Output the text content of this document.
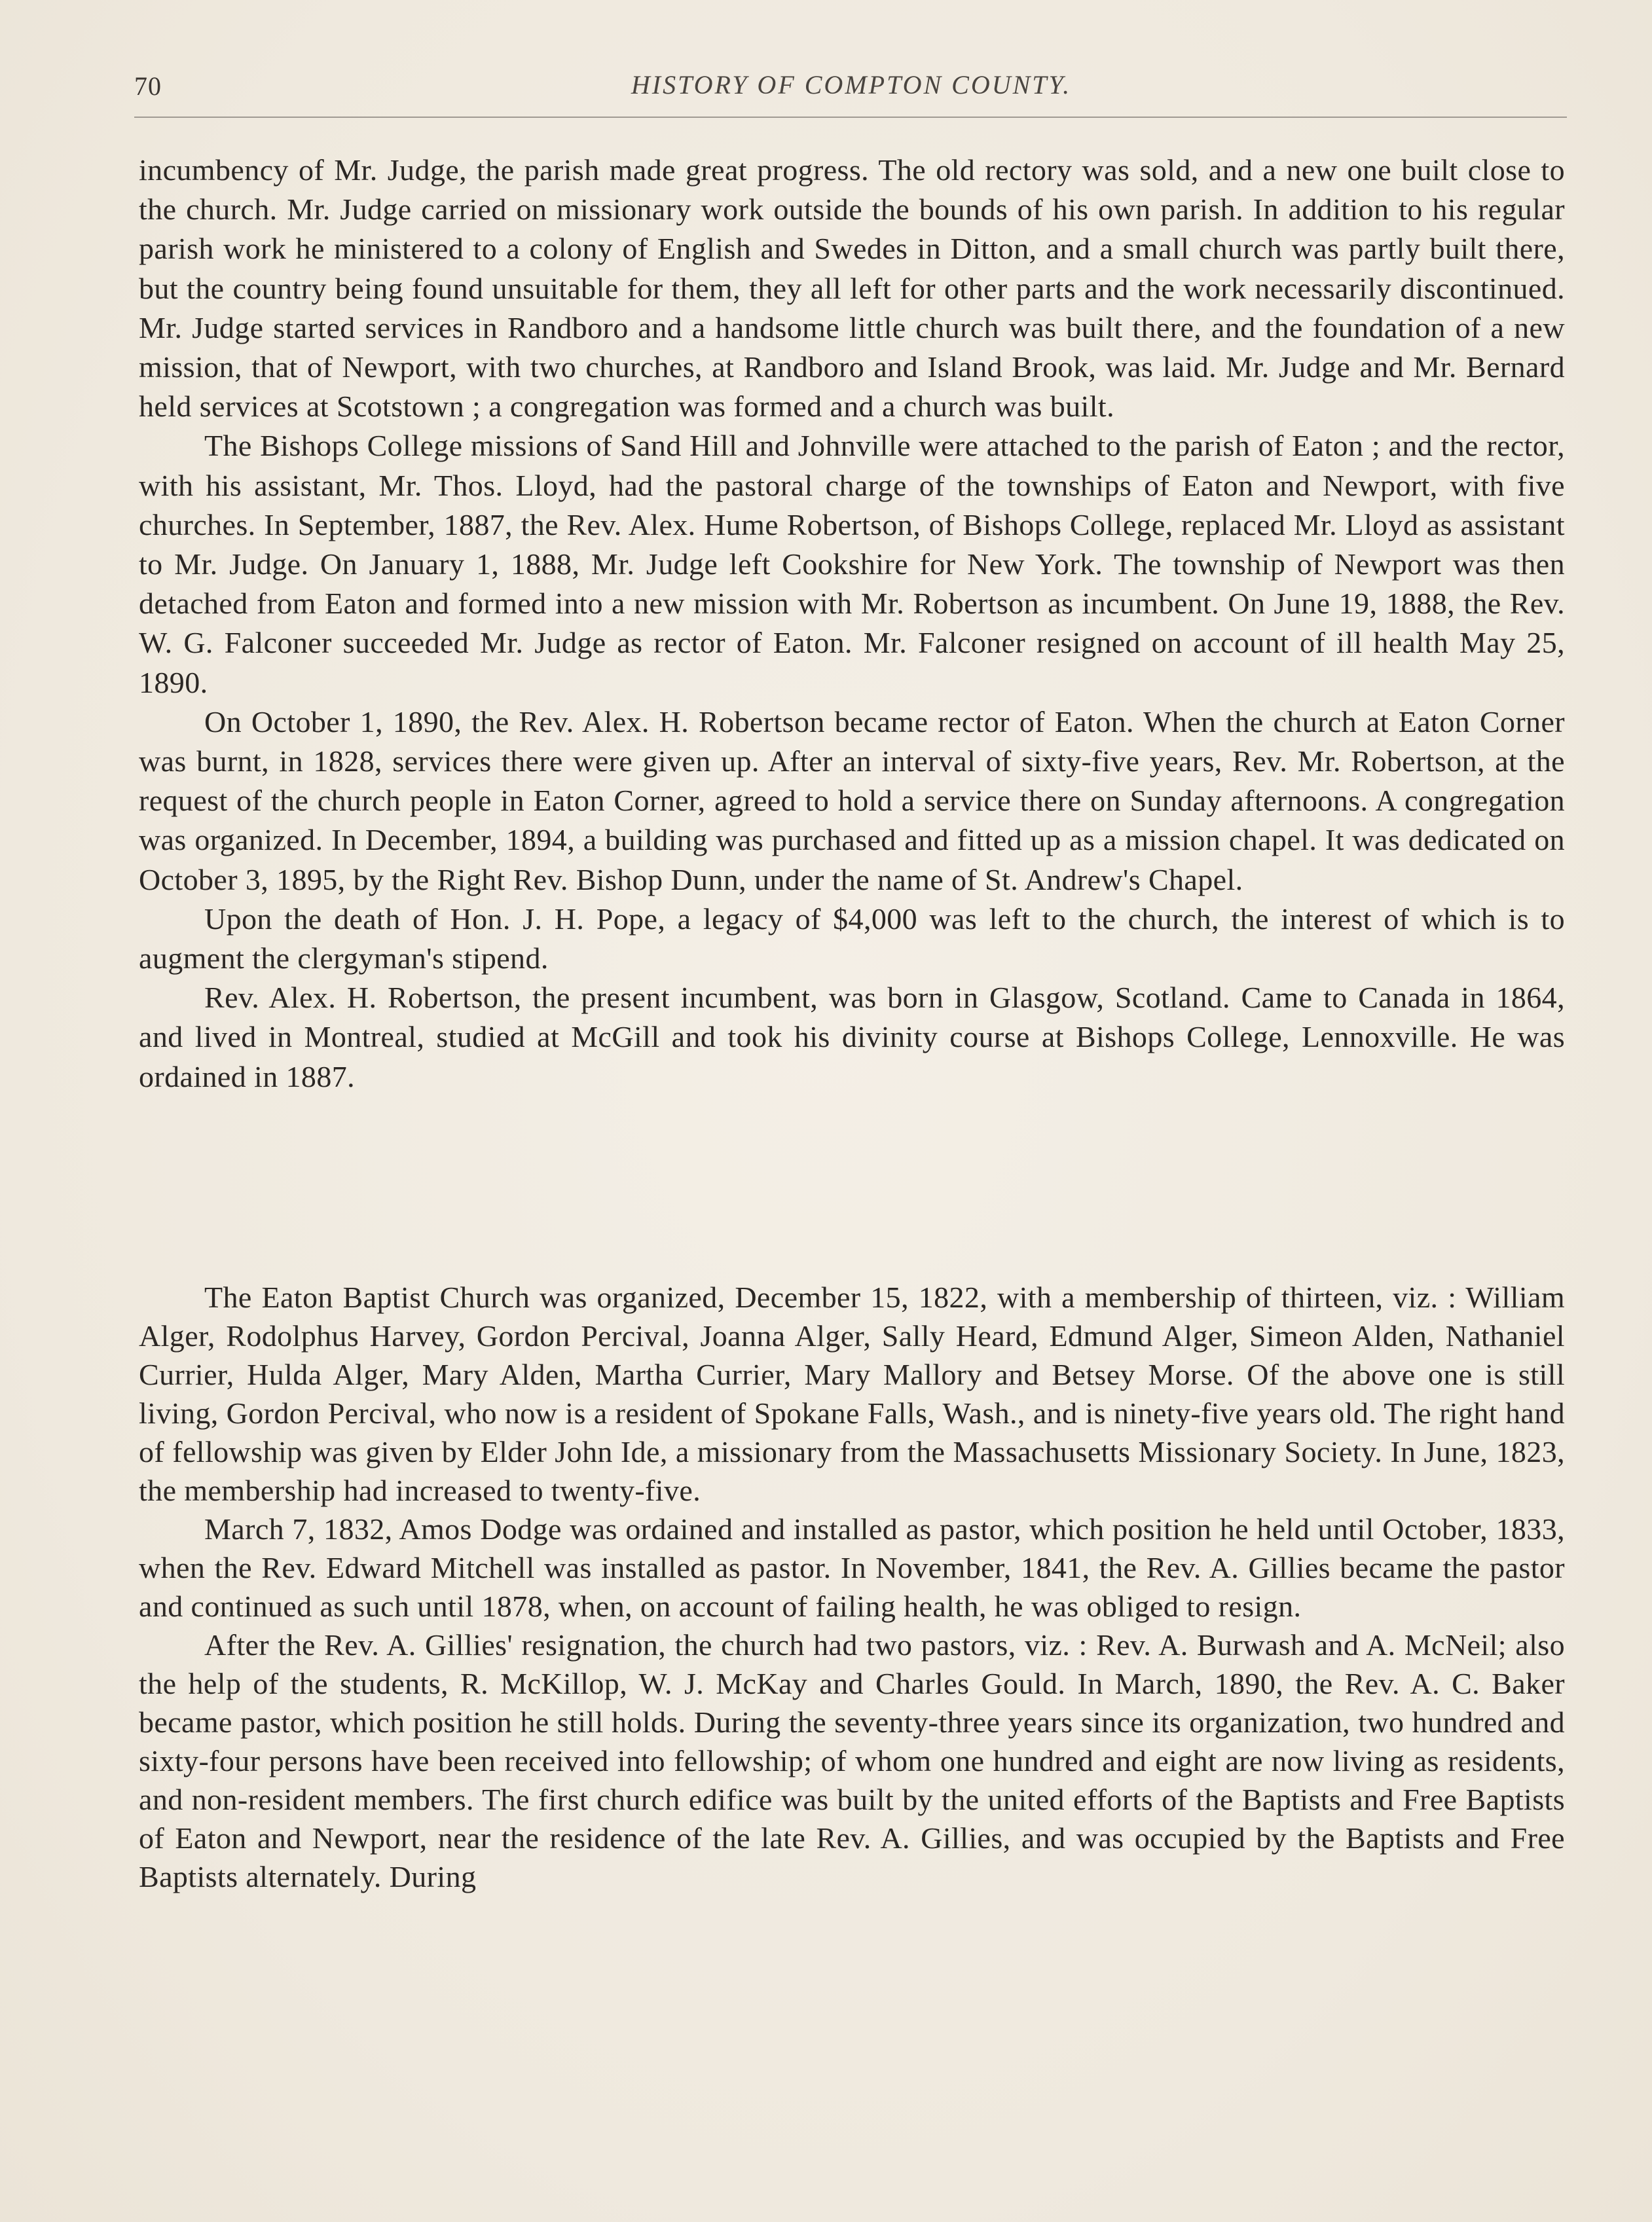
70	HISTORY OF COMPTON COUNTY.

incumbency of Mr. Judge, the parish made great progress. The old rectory was sold, and a new one built close to the church. Mr. Judge carried on missionary work outside the bounds of his own parish. In addition to his regular parish work he ministered to a colony of English and Swedes in Ditton, and a small church was partly built there, but the country being found unsuitable for them, they all left for other parts and the work necessarily discontinued. Mr. Judge started services in Randboro and a handsome little church was built there, and the foundation of a new mission, that of Newport, with two churches, at Randboro and Island Brook, was laid. Mr. Judge and Mr. Bernard held services at Scotstown ; a congregation was formed and a church was built.

The Bishops College missions of Sand Hill and Johnville were attached to the parish of Eaton ; and the rector, with his assistant, Mr. Thos. Lloyd, had the pastoral charge of the townships of Eaton and Newport, with five churches. In September, 1887, the Rev. Alex. Hume Robertson, of Bishops College, replaced Mr. Lloyd as assistant to Mr. Judge. On January 1, 1888, Mr. Judge left Cookshire for New York. The township of Newport was then detached from Eaton and formed into a new mission with Mr. Robertson as incumbent. On June 19, 1888, the Rev. W. G. Falconer succeeded Mr. Judge as rector of Eaton. Mr. Falconer resigned on account of ill health May 25, 1890.

On October 1, 1890, the Rev. Alex. H. Robertson became rector of Eaton. When the church at Eaton Corner was burnt, in 1828, services there were given up. After an interval of sixty-five years, Rev. Mr. Robertson, at the request of the church people in Eaton Corner, agreed to hold a service there on Sunday afternoons. A congregation was organized. In December, 1894, a building was purchased and fitted up as a mission chapel. It was dedicated on October 3, 1895, by the Right Rev. Bishop Dunn, under the name of St. Andrew's Chapel.

Upon the death of Hon. J. H. Pope, a legacy of $4,000 was left to the church, the interest of which is to augment the clergyman's stipend.

Rev. Alex. H. Robertson, the present incumbent, was born in Glasgow, Scotland. Came to Canada in 1864, and lived in Montreal, studied at McGill and took his divinity course at Bishops College, Lennoxville. He was ordained in 1887.

The Eaton Baptist Church was organized, December 15, 1822, with a membership of thirteen, viz. : William Alger, Rodolphus Harvey, Gordon Percival, Joanna Alger, Sally Heard, Edmund Alger, Simeon Alden, Nathaniel Currier, Hulda Alger, Mary Alden, Martha Currier, Mary Mallory and Betsey Morse. Of the above one is still living, Gordon Percival, who now is a resident of Spokane Falls, Wash., and is ninety-five years old. The right hand of fellowship was given by Elder John Ide, a missionary from the Massachusetts Missionary Society. In June, 1823, the membership had increased to twenty-five.

March 7, 1832, Amos Dodge was ordained and installed as pastor, which position he held until October, 1833, when the Rev. Edward Mitchell was installed as pastor. In November, 1841, the Rev. A. Gillies became the pastor and continued as such until 1878, when, on account of failing health, he was obliged to resign.

After the Rev. A. Gillies' resignation, the church had two pastors, viz. : Rev. A. Burwash and A. McNeil; also the help of the students, R. McKillop, W. J. McKay and Charles Gould. In March, 1890, the Rev. A. C. Baker became pastor, which position he still holds. During the seventy-three years since its organization, two hundred and sixty-four persons have been received into fellowship; of whom one hundred and eight are now living as residents, and non-resident members. The first church edifice was built by the united efforts of the Baptists and Free Baptists of Eaton and Newport, near the residence of the late Rev. A. Gillies, and was occupied by the Baptists and Free Baptists alternately. During
